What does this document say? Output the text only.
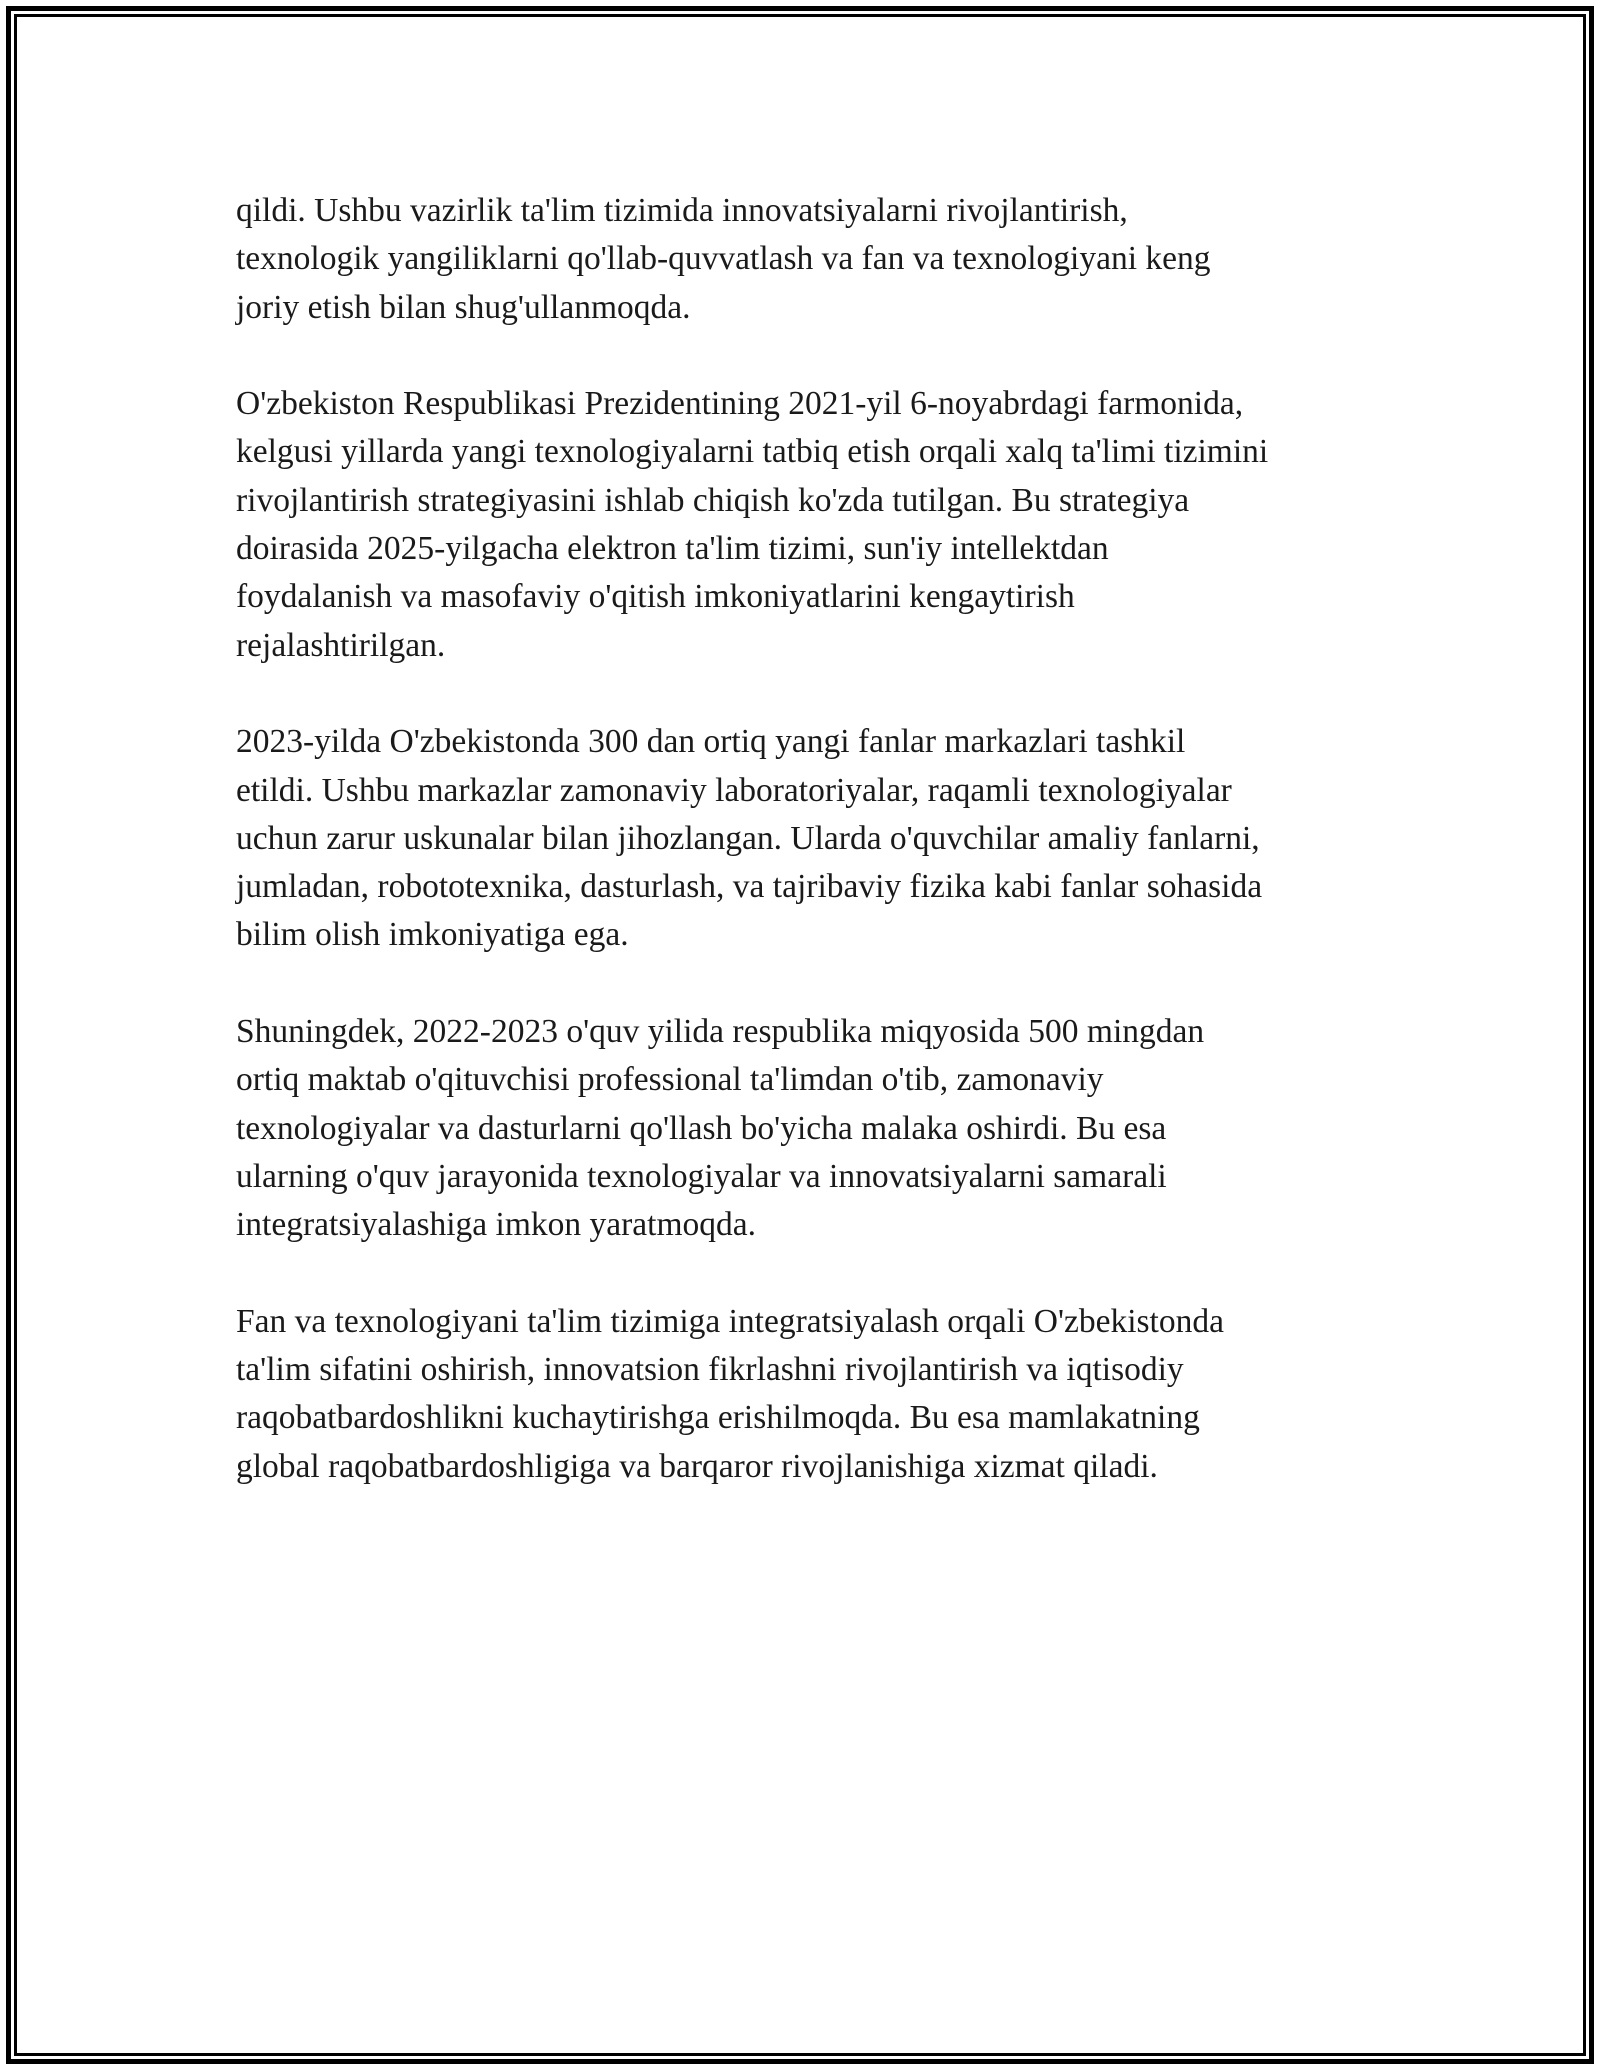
qildi. Ushbu vazirlik ta'lim tizimida innovatsiyalarni rivojlantirish,
texnologik yangiliklarni qo'llab-quvvatlash va fan va texnologiyani keng
joriy etish bilan shug'ullanmoqda.

O'zbekiston Respublikasi Prezidentining 2021-yil 6-noyabrdagi farmonida,
kelgusi yillarda yangi texnologiyalarni tatbiq etish orqali xalq ta'limi tizimini
rivojlantirish strategiyasini ishlab chiqish ko'zda tutilgan. Bu strategiya
doirasida 2025-yilgacha elektron ta'lim tizimi, sun'iy intellektdan
foydalanish va masofaviy o'qitish imkoniyatlarini kengaytirish
rejalashtirilgan.

2023-yilda O'zbekistonda 300 dan ortiq yangi fanlar markazlari tashkil
etildi. Ushbu markazlar zamonaviy laboratoriyalar, raqamli texnologiyalar
uchun zarur uskunalar bilan jihozlangan. Ularda o'quvchilar amaliy fanlarni,
jumladan, robototexnika, dasturlash, va tajribaviy fizika kabi fanlar sohasida
bilim olish imkoniyatiga ega.

Shuningdek, 2022-2023 o'quv yilida respublika miqyosida 500 mingdan
ortiq maktab o'qituvchisi professional ta'limdan o'tib, zamonaviy
texnologiyalar va dasturlarni qo'llash bo'yicha malaka oshirdi. Bu esa
ularning o'quv jarayonida texnologiyalar va innovatsiyalarni samarali
integratsiyalashiga imkon yaratmoqda.

Fan va texnologiyani ta'lim tizimiga integratsiyalash orqali O'zbekistonda
ta'lim sifatini oshirish, innovatsion fikrlashni rivojlantirish va iqtisodiy
raqobatbardoshlikni kuchaytirishga erishilmoqda. Bu esa mamlakatning
global raqobatbardoshligiga va barqaror rivojlanishiga xizmat qiladi.
